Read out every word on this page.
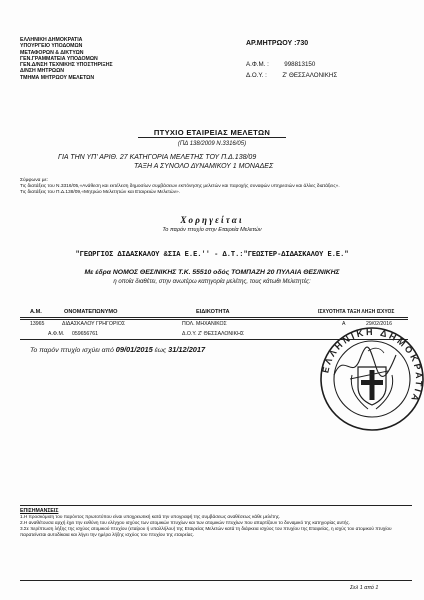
ΕΛΛΗΝΙΚΗ ΔΗΜΟΚΡΑΤΙΑ
ΥΠΟΥΡΓΕΙΟ ΥΠΟΔΟΜΩΝ
ΜΕΤΑΦΟΡΩΝ & ΔΙΚΤΥΩΝ
ΓΕΝ.ΓΡΑΜΜΑΤΕΙΑ ΥΠΟΔΟΜΩΝ
ΓΕΝ.Δ/ΝΣΗ ΤΕΧΝΙΚΗΣ ΥΠΟΣΤΗΡΙΞΗΣ
Δ/ΝΣΗ ΜΗΤΡΩΩΝ
ΤΜΗΜΑ ΜΗΤΡΩΟΥ ΜΕΛΕΤΩΝ
ΑΡ.ΜΗΤΡΩΟΥ :730
Α.Φ.Μ. : 998813150
Δ.Ο.Υ. : Ζ' ΘΕΣΣΑΛΟΝΙΚΗΣ
ΠΤΥΧΙΟ ΕΤΑΙΡΕΙΑΣ ΜΕΛΕΤΩΝ
(ΠΔ 138/2009 Ν.3316/05)
ΓΙΑ ΤΗΝ ΥΠ' ΑΡΙΘ. 27 ΚΑΤΗΓΟΡΙΑ ΜΕΛΕΤΗΣ ΤΟΥ Π.Δ.138/09
ΤΑΞΗ Α ΣΥΝΟΛΟ ΔΥΝΑΜΙΚΟΥ 1 ΜΟΝΑΔΕΣ
Σύμφωνα με:
Τις διατάξεις του Ν.3316/05,«Ανάθεση και εκτέλεση δημοσίων συμβάσεων εκπόνησης μελετών και παροχής συναφών υπηρεσιών και άλλες διατάξεις».
Τις διατάξεις του Π.Δ.138/09,«Μητρώο Μελετητών και Εταιρειών Μελετών».
Χορηγείται
Το παρόν πτυχίο στην Εταιρεία Μελετών
"ΓΕΩΡΓΙΟΣ ΔΙΔΑΣΚΑΛΟΥ &ΣΙΑ Ε.Ε.'' - Δ.Τ.:"ΓΕΩΣΤΕΡ-ΔΙΔΑΣΚΑΛΟΥ Ε.Ε."
Με έδρα ΝΟΜΟΣ ΘΕΣ/ΝΙΚΗΣ Τ.Κ. 55510 οδός ΤΟΜΠΑΖΗ 20 ΠΥΛΑΙΑ ΘΕΣ/ΝΙΚΗΣ
η οποία διαθέτει, στην ανωτέρω κατηγορία μελέτης, τους κάτωθι Μελετητές:
Α.Μ.	ΟΝΟΜΑΤΕΠΩΝΥΜΟ	ΕΙΔΙΚΟΤΗΤΑ	ΙΣΧΥΟΤΗΤΑ ΤΑΞΗ ΛΗΞΗ ΙΣΧΥΟΣ
13965	ΔΙΔΑΣΚΑΛΟΥ ΓΡΗΓΟΡΙΟΣ	ΠΟΛ. ΜΗΧΑΝΙΚΟΣ	Α	29/02/2016
Α.Φ.Μ. 059656761	Δ.Ο.Υ. Ζ' ΘΕΣΣΑΛΟΝΙΚΗΣ
Το παρόν πτυχίο ισχύει από 09/01/2015 έως 31/12/2017
ΕΛΛΗΝΙΚΗ ΔΗΜΟΚΡΑΤΙΑ
ΕΠΙΣΗΜΑΝΣΕΙΣ
1.Η προσκόμιση του παρόντος πρωτοτύπου είναι υποχρεωτική κατά την υπογραφή της συμβάσεως αναθέσεως κάθε μελέτης.
2.Η αναθέτουσα αρχή έχει την ευθύνη του ελέγχου ισχύος των ατομικών πτυχίων και των ατομικών πτυχίων που απαρτίζουν το δυναμικό της κατηγορίας αυτής.
3.Σε περίπτωση λήξης της ισχύος ατομικού πτυχίου (εταίρου ή υπαλλήλου) της Εταιρείας Μελετών κατά τη διάρκεια ισχύος του πτυχίου της Εταιρείας, η ισχύς του ατομικού πτυχίου παρατείνεται αυτοδίκαια και λήγει την ημέρα λήξης ισχύος του πτυχίου της εταιρείας.
Σελ 1 από 1
